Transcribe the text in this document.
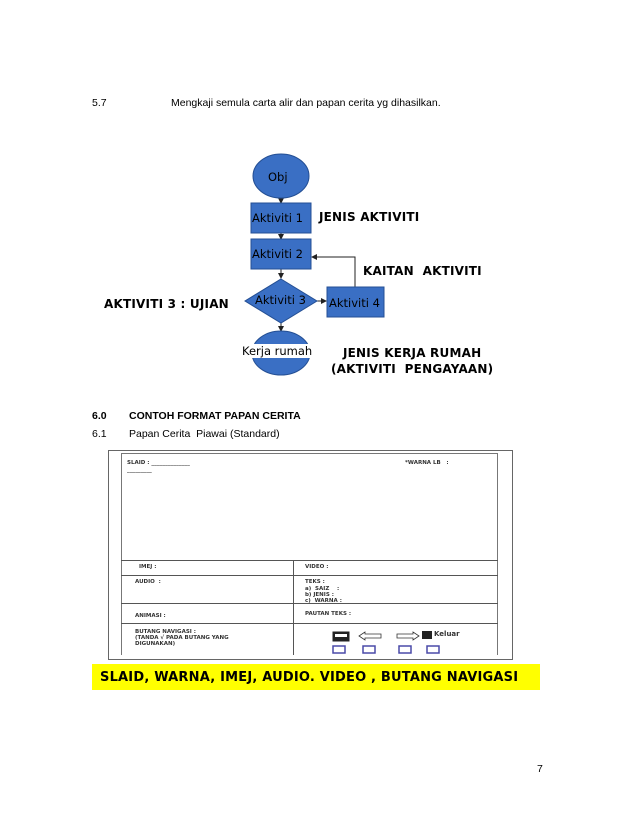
5.7	Mengkaji semula carta alir dan papan cerita yg dihasilkan.
Obj
Aktiviti 1
Aktiviti 2
Aktiviti 3 Aktiviti 4
Kerja rumah
JENIS AKTIVITI
KAITAN  AKTIVITI
AKTIVITI 3 : UJIAN
JENIS KERJA RUMAH
(AKTIVITI  PENGAYAAN)
6.0 CONTOH FORMAT PAPAN CERITA
6.1 Papan Cerita  Piawai (Standard)
SLAID : ______________
_________
*WARNA LB   :
IMEJ :	VIDEO :
AUDIO  :	TEKS :
a)  SAIZ    :
b) JENIS :
c)  WARNA :
ANIMASI :	PAUTAN TEKS :
BUTANG NAVIGASI :
(TANDA √ PADA BUTANG YANG
DIGUNAKAN)
Keluar
SLAID, WARNA, IMEJ, AUDIO. VIDEO , BUTANG NAVIGASI
7
